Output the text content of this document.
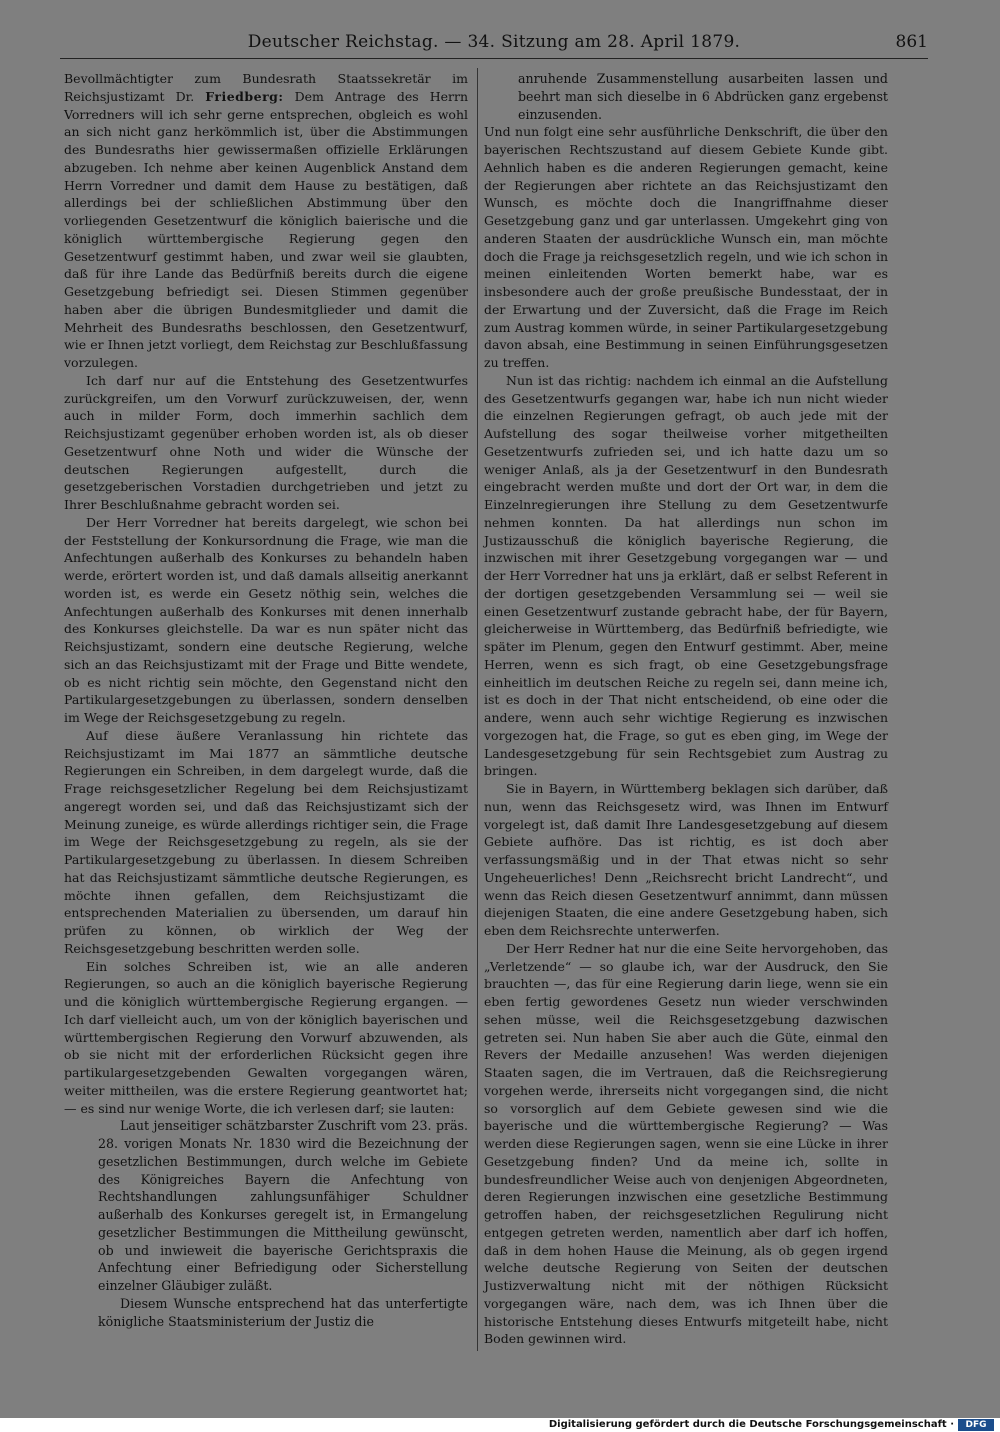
Deutscher Reichstag. — 34. Sitzung am 28. April 1879.	861

Bevollmächtigter zum Bundesrath Staatssekretär im Reichsjustizamt Dr. Friedberg: Dem Antrage des Herrn Vorredners will ich sehr gerne entsprechen, obgleich es wohl an sich nicht ganz herkömmlich ist, über die Abstimmungen des Bundesraths hier gewissermaßen offizielle Erklärungen abzugeben. Ich nehme aber keinen Augenblick Anstand dem Herrn Vorredner und damit dem Hause zu bestätigen, daß allerdings bei der schließlichen Abstimmung über den vorliegenden Gesetzentwurf die königlich baierische und die königlich württembergische Regierung gegen den Gesetzentwurf gestimmt haben, und zwar weil sie glaubten, daß für ihre Lande das Bedürfniß bereits durch die eigene Gesetzgebung befriedigt sei. Diesen Stimmen gegenüber haben aber die übrigen Bundesmitglieder und damit die Mehrheit des Bundesraths beschlossen, den Gesetzentwurf, wie er Ihnen jetzt vorliegt, dem Reichstag zur Beschlußfassung vorzulegen.

Ich darf nur auf die Entstehung des Gesetzentwurfes zurückgreifen, um den Vorwurf zurückzuweisen, der, wenn auch in milder Form, doch immerhin sachlich dem Reichsjustizamt gegenüber erhoben worden ist, als ob dieser Gesetzentwurf ohne Noth und wider die Wünsche der deutschen Regierungen aufgestellt, durch die gesetzgeberischen Vorstadien durchgetrieben und jetzt zu Ihrer Beschlußnahme gebracht worden sei.

Der Herr Vorredner hat bereits dargelegt, wie schon bei der Feststellung der Konkursordnung die Frage, wie man die Anfechtungen außerhalb des Konkurses zu behandeln haben werde, erörtert worden ist, und daß damals allseitig anerkannt worden ist, es werde ein Gesetz nöthig sein, welches die Anfechtungen außerhalb des Konkurses mit denen innerhalb des Konkurses gleichstelle. Da war es nun später nicht das Reichsjustizamt, sondern eine deutsche Regierung, welche sich an das Reichsjustizamt mit der Frage und Bitte wendete, ob es nicht richtig sein möchte, den Gegenstand nicht den Partikulargesetzgebungen zu überlassen, sondern denselben im Wege der Reichsgesetzgebung zu regeln.

Auf diese äußere Veranlassung hin richtete das Reichsjustizamt im Mai 1877 an sämmtliche deutsche Regierungen ein Schreiben, in dem dargelegt wurde, daß die Frage reichsgesetzlicher Regelung bei dem Reichsjustizamt angeregt worden sei, und daß das Reichsjustizamt sich der Meinung zuneige, es würde allerdings richtiger sein, die Frage im Wege der Reichsgesetzgebung zu regeln, als sie der Partikulargesetzgebung zu überlassen. In diesem Schreiben hat das Reichsjustizamt sämmtliche deutsche Regierungen, es möchte ihnen gefallen, dem Reichsjustizamt die entsprechenden Materialien zu übersenden, um darauf hin prüfen zu können, ob wirklich der Weg der Reichsgesetzgebung beschritten werden solle.

Ein solches Schreiben ist, wie an alle anderen Regierungen, so auch an die königlich bayerische Regierung und die königlich württembergische Regierung ergangen. — Ich darf vielleicht auch, um von der königlich bayerischen und württembergischen Regierung den Vorwurf abzuwenden, als ob sie nicht mit der erforderlichen Rücksicht gegen ihre partikulargesetzgebenden Gewalten vorgegangen wären, weiter mittheilen, was die erstere Regierung geantwortet hat; — es sind nur wenige Worte, die ich verlesen darf; sie lauten:

Laut jenseitiger schätzbarster Zuschrift vom 23. präs. 28. vorigen Monats Nr. 1830 wird die Bezeichnung der gesetzlichen Bestimmungen, durch welche im Gebiete des Königreiches Bayern die Anfechtung von Rechtshandlungen zahlungsunfähiger Schuldner außerhalb des Konkurses geregelt ist, in Ermangelung gesetzlicher Bestimmungen die Mittheilung gewünscht, ob und inwieweit die bayerische Gerichtspraxis die Anfechtung einer Befriedigung oder Sicherstellung einzelner Gläubiger zuläßt.

Diesem Wunsche entsprechend hat das unterfertigte königliche Staatsministerium der Justiz die

anruhende Zusammenstellung ausarbeiten lassen und beehrt man sich dieselbe in 6 Abdrücken ganz ergebenst einzusenden.

Und nun folgt eine sehr ausführliche Denkschrift, die über den bayerischen Rechtszustand auf diesem Gebiete Kunde gibt. Aehnlich haben es die anderen Regierungen gemacht, keine der Regierungen aber richtete an das Reichsjustizamt den Wunsch, es möchte doch die Inangriffnahme dieser Gesetzgebung ganz und gar unterlassen. Umgekehrt ging von anderen Staaten der ausdrückliche Wunsch ein, man möchte doch die Frage ja reichsgesetzlich regeln, und wie ich schon in meinen einleitenden Worten bemerkt habe, war es insbesondere auch der große preußische Bundesstaat, der in der Erwartung und der Zuversicht, daß die Frage im Reich zum Austrag kommen würde, in seiner Partikulargesetzgebung davon absah, eine Bestimmung in seinen Einführungsgesetzen zu treffen.

Nun ist das richtig: nachdem ich einmal an die Aufstellung des Gesetzentwurfs gegangen war, habe ich nun nicht wieder die einzelnen Regierungen gefragt, ob auch jede mit der Aufstellung des sogar theilweise vorher mitgetheilten Gesetzentwurfs zufrieden sei, und ich hatte dazu um so weniger Anlaß, als ja der Gesetzentwurf in den Bundesrath eingebracht werden mußte und dort der Ort war, in dem die Einzelnregierungen ihre Stellung zu dem Gesetzentwurfe nehmen konnten. Da hat allerdings nun schon im Justizausschuß die königlich bayerische Regierung, die inzwischen mit ihrer Gesetzgebung vorgegangen war — und der Herr Vorredner hat uns ja erklärt, daß er selbst Referent in der dortigen gesetzgebenden Versammlung sei — weil sie einen Gesetzentwurf zustande gebracht habe, der für Bayern, gleicherweise in Württemberg, das Bedürfniß befriedigte, wie später im Plenum, gegen den Entwurf gestimmt. Aber, meine Herren, wenn es sich fragt, ob eine Gesetzgebungsfrage einheitlich im deutschen Reiche zu regeln sei, dann meine ich, ist es doch in der That nicht entscheidend, ob eine oder die andere, wenn auch sehr wichtige Regierung es inzwischen vorgezogen hat, die Frage, so gut es eben ging, im Wege der Landesgesetzgebung für sein Rechtsgebiet zum Austrag zu bringen.

Sie in Bayern, in Württemberg beklagen sich darüber, daß nun, wenn das Reichsgesetz wird, was Ihnen im Entwurf vorgelegt ist, daß damit Ihre Landesgesetzgebung auf diesem Gebiete aufhöre. Das ist richtig, es ist doch aber verfassungsmäßig und in der That etwas nicht so sehr Ungeheuerliches! Denn „Reichsrecht bricht Landrecht“, und wenn das Reich diesen Gesetzentwurf annimmt, dann müssen diejenigen Staaten, die eine andere Gesetzgebung haben, sich eben dem Reichsrechte unterwerfen.

Der Herr Redner hat nur die eine Seite hervorgehoben, das „Verletzende“ — so glaube ich, war der Ausdruck, den Sie brauchten —, das für eine Regierung darin liege, wenn sie ein eben fertig gewordenes Gesetz nun wieder verschwinden sehen müsse, weil die Reichsgesetzgebung dazwischen getreten sei. Nun haben Sie aber auch die Güte, einmal den Revers der Medaille anzusehen! Was werden diejenigen Staaten sagen, die im Vertrauen, daß die Reichsregierung vorgehen werde, ihrerseits nicht vorgegangen sind, die nicht so vorsorglich auf dem Gebiete gewesen sind wie die bayerische und die württembergische Regierung? — Was werden diese Regierungen sagen, wenn sie eine Lücke in ihrer Gesetzgebung finden? Und da meine ich, sollte in bundesfreundlicher Weise auch von denjenigen Abgeordneten, deren Regierungen inzwischen eine gesetzliche Bestimmung getroffen haben, der reichsgesetzlichen Regulirung nicht entgegen getreten werden, namentlich aber darf ich hoffen, daß in dem hohen Hause die Meinung, als ob gegen irgend welche deutsche Regierung von Seiten der deutschen Justizverwaltung nicht mit der nöthigen Rücksicht vorgegangen wäre, nach dem, was ich Ihnen über die historische Entstehung dieses Entwurfs mitgeteilt habe, nicht Boden gewinnen wird.

Digitalisierung gefördert durch die Deutsche Forschungsgemeinschaft ·	DFG
